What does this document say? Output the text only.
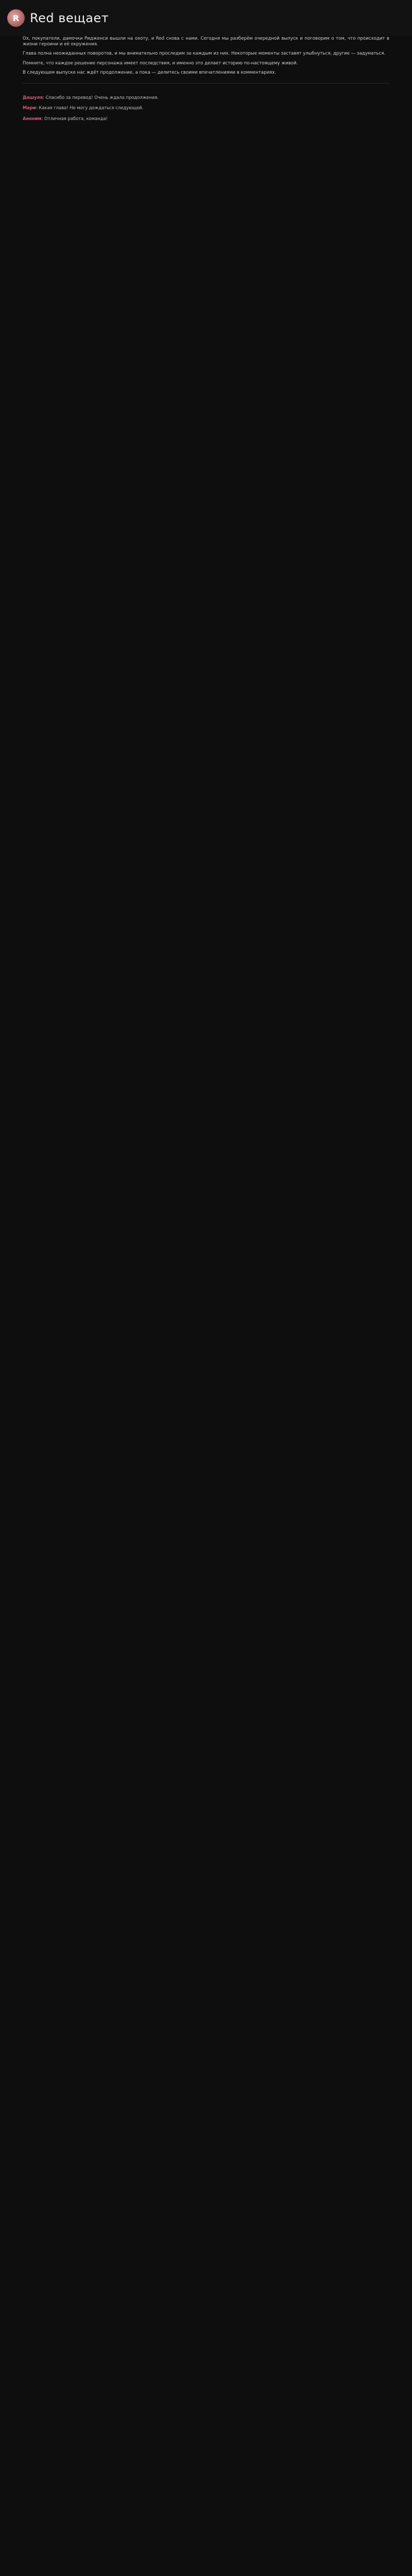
R Red вещает

Ох, покупатели, дамочки Ридженси вышли на охоту, и Red снова с нами. Сегодня мы разберём очередной выпуск и поговорим о том, что происходит в жизни героини и её окружения.

Глава полна неожиданных поворотов, и мы внимательно проследим за каждым из них. Некоторые моменты заставят улыбнуться, другие — задуматься.

Помните, что каждое решение персонажа имеет последствия, и именно это делает историю по-настоящему живой.

В следующем выпуске нас ждёт продолжение, а пока — делитесь своими впечатлениями в комментариях.

Дашуля: Спасибо за перевод! Очень ждала продолжения.
Мари: Какая глава! Не могу дождаться следующей.
Аноним: Отличная работа, команда!
